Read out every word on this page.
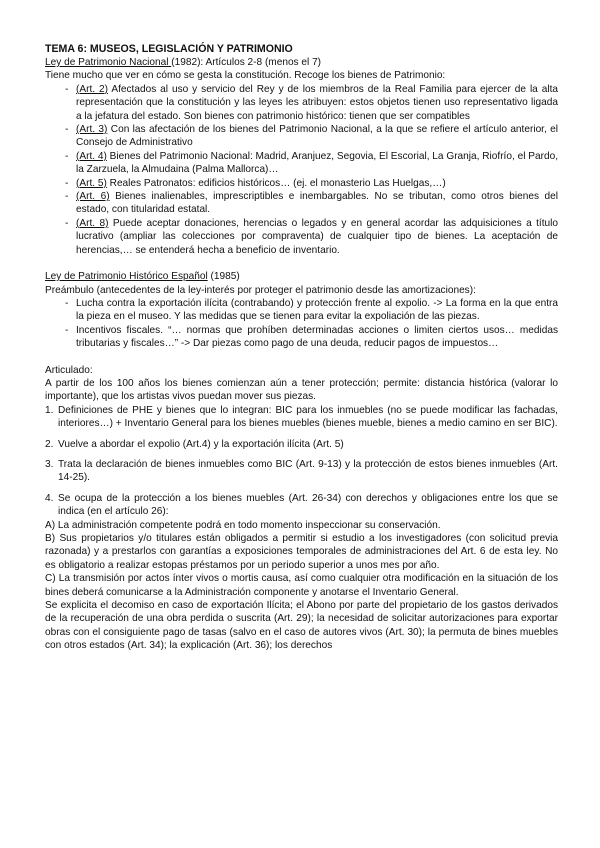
TEMA 6: MUSEOS, LEGISLACIÓN Y PATRIMONIO

Ley de Patrimonio Nacional (1982): Artículos 2-8 (menos el 7)

Tiene mucho que ver en cómo se gesta la constitución. Recoge los bienes de Patrimonio:

- (Art. 2) Afectados al uso y servicio del Rey y de los miembros de la Real Familia para ejercer de la alta representación que la constitución y las leyes les atribuyen: estos objetos tienen uso representativo ligada a la jefatura del estado. Son bienes con patrimonio histórico: tienen que ser compatibles
- (Art. 3) Con las afectación de los bienes del Patrimonio Nacional, a la que se refiere el artículo anterior, el Consejo de Administrativo
- (Art. 4) Bienes del Patrimonio Nacional: Madrid, Aranjuez, Segovia, El Escorial, La Granja, Riofrío, el Pardo, la Zarzuela, la Almudaina (Palma Mallorca)…
- (Art. 5) Reales Patronatos: edificios históricos… (ej. el monasterio Las Huelgas,…)
- (Art. 6) Bienes inalienables, imprescriptibles e inembargables. No se tributan, como otros bienes del estado, con titularidad estatal.
- (Art. 8) Puede aceptar donaciones, herencias o legados y en general acordar las adquisiciones a título lucrativo (ampliar las colecciones por compraventa) de cualquier tipo de bienes. La aceptación de herencias,… se entenderá hecha a beneficio de inventario.

Ley de Patrimonio Histórico Español (1985)

Preámbulo (antecedentes de la ley-interés por proteger el patrimonio desde las amortizaciones):

- Lucha contra la exportación ilícita (contrabando) y protección frente al expolio. -> La forma en la que entra la pieza en el museo. Y las medidas que se tienen para evitar la expoliación de las piezas.
- Incentivos fiscales. “… normas que prohíben determinadas acciones o limiten ciertos usos… medidas tributarias y fiscales…” -> Dar piezas como pago de una deuda, reducir pagos de impuestos…

Articulado:

A partir de los 100 años los bienes comienzan aún a tener protección; permite: distancia histórica (valorar lo importante), que los artistas vivos puedan mover sus piezas.

1. Definiciones de PHE y bienes que lo integran: BIC para los inmuebles (no se puede modificar las fachadas, interiores…) + Inventario General para los bienes muebles (bienes mueble, bienes a medio camino en ser BIC).
2. Vuelve a abordar el expolio (Art.4) y la exportación ilícita (Art. 5)
3. Trata la declaración de bienes inmuebles como BIC (Art. 9-13) y la protección de estos bienes inmuebles (Art. 14-25).
4. Se ocupa de la protección a los bienes muebles (Art. 26-34) con derechos y obligaciones entre los que se indica (en el artículo 26):

A) La administración competente podrá en todo momento inspeccionar su conservación.

B) Sus propietarios y/o titulares están obligados a permitir si estudio a los investigadores (con solicitud previa razonada) y a prestarlos con garantías a exposiciones temporales de administraciones del Art. 6 de esta ley. No es obligatorio a realizar estopas préstamos por un periodo superior a unos mes por año.

C) La transmisión por actos ínter vivos o mortis causa, así como cualquier otra modificación en la situación de los bines deberá comunicarse a la Administración componente y anotarse el Inventario General.

Se explicita el decomiso en caso de exportación Ilícita; el Abono por parte del propietario de los gastos derivados de la recuperación de una obra perdida o suscrita (Art. 29); la necesidad de solicitar autorizaciones para exportar obras con el consiguiente pago de tasas (salvo en el caso de autores vivos (Art. 30); la permuta de bines muebles con otros estados (Art. 34); la explicación (Art. 36); los derechos
